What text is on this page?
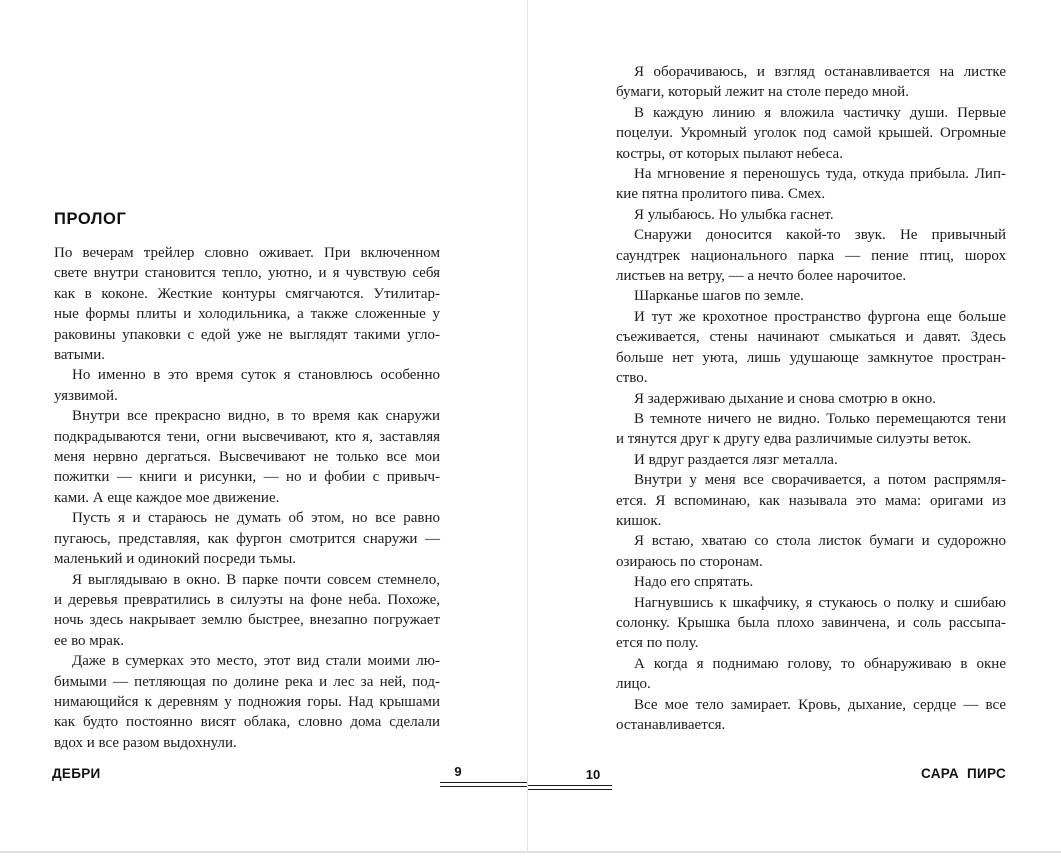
ПРОЛОГ
По вечерам трейлер словно оживает. При включенном
свете внутри становится тепло, уютно, и я чувствую себя
как в коконе. Жесткие контуры смягчаются. Утилитар-
ные формы плиты и холодильника, а также сложенные у
раковины упаковки с едой уже не выглядят такими угло-
ватыми.
Но именно в это время суток я становлюсь особенно
уязвимой.
Внутри все прекрасно видно, в то время как снаружи
подкрадываются тени, огни высвечивают, кто я, заставляя
меня нервно дергаться. Высвечивают не только все мои
пожитки — книги и рисунки, — но и фобии с привыч-
ками. А еще каждое мое движение.
Пусть я и стараюсь не думать об этом, но все равно
пугаюсь, представляя, как фургон смотрится снаружи —
маленький и одинокий посреди тьмы.
Я выглядываю в окно. В парке почти совсем стемнело,
и деревья превратились в силуэты на фоне неба. Похоже,
ночь здесь накрывает землю быстрее, внезапно погружает
ее во мрак.
Даже в сумерках это место, этот вид стали моими лю-
бимыми — петляющая по долине река и лес за ней, под-
нимающийся к деревням у подножия горы. Над крышами
как будто постоянно висят облака, словно дома сделали
вдох и все разом выдохнули.
ДЕБРИ	9
Я оборачиваюсь, и взгляд останавливается на листке
бумаги, который лежит на столе передо мной.
В каждую линию я вложила частичку души. Первые
поцелуи. Укромный уголок под самой крышей. Огромные
костры, от которых пылают небеса.
На мгновение я переношусь туда, откуда прибыла. Лип-
кие пятна пролитого пива. Смех.
Я улыбаюсь. Но улыбка гаснет.
Снаружи доносится какой-то звук. Не привычный
саундтрек национального парка — пение птиц, шорох
листьев на ветру, — а нечто более нарочитое.
Шарканье шагов по земле.
И тут же крохотное пространство фургона еще больше
съеживается, стены начинают смыкаться и давят. Здесь
больше нет уюта, лишь удушающе замкнутое простран-
ство.
Я задерживаю дыхание и снова смотрю в окно.
В темноте ничего не видно. Только перемещаются тени
и тянутся друг к другу едва различимые силуэты веток.
И вдруг раздается лязг металла.
Внутри у меня все сворачивается, а потом распрямля-
ется. Я вспоминаю, как называла это мама: оригами из
кишок.
Я встаю, хватаю со стола листок бумаги и судорожно
озираюсь по сторонам.
Надо его спрятать.
Нагнувшись к шкафчику, я стукаюсь о полку и сшибаю
солонку. Крышка была плохо завинчена, и соль рассыпа-
ется по полу.
А когда я поднимаю голову, то обнаруживаю в окне
лицо.
Все мое тело замирает. Кровь, дыхание, сердце — все
останавливается.
10	САРА ПИРС
